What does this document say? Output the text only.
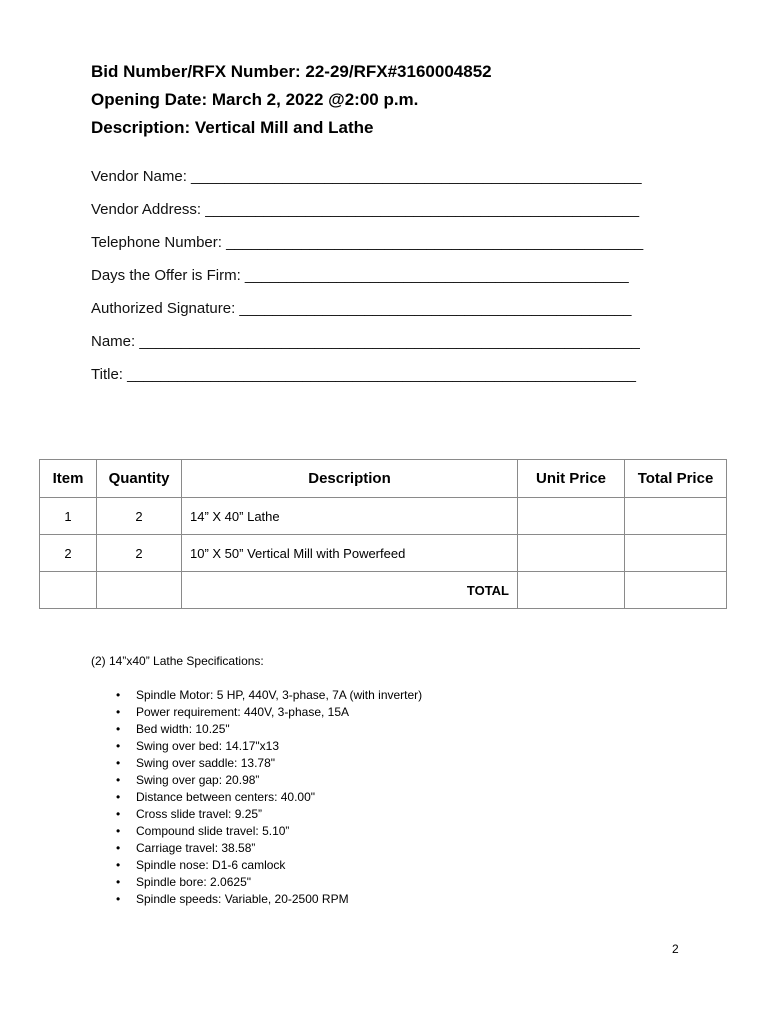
Bid Number/RFX Number: 22-29/RFX#3160004852
Opening Date: March 2, 2022 @2:00 p.m.
Description: Vertical Mill and Lathe
Vendor Name: ______________________________________________________
Vendor Address: ____________________________________________________
Telephone Number: __________________________________________________
Days the Offer is Firm: ______________________________________________
Authorized Signature: _______________________________________________
Name: ____________________________________________________________
Title: _____________________________________________________________
Item	Quantity	Description	Unit Price	Total Price
1	2	14” X 40” Lathe		
2	2	10” X 50” Vertical Mill with Powerfeed		
		TOTAL		
(2) 14”x40” Lathe Specifications:
• Spindle Motor: 5 HP, 440V, 3-phase, 7A (with inverter)
• Power requirement: 440V, 3-phase, 15A
• Bed width: 10.25"
• Swing over bed: 14.17"x13
• Swing over saddle: 13.78"
• Swing over gap: 20.98”
• Distance between centers: 40.00"
• Cross slide travel: 9.25”
• Compound slide travel: 5.10”
• Carriage travel: 38.58”
• Spindle nose: D1-6 camlock
• Spindle bore: 2.0625"
• Spindle speeds: Variable, 20-2500 RPM
2
